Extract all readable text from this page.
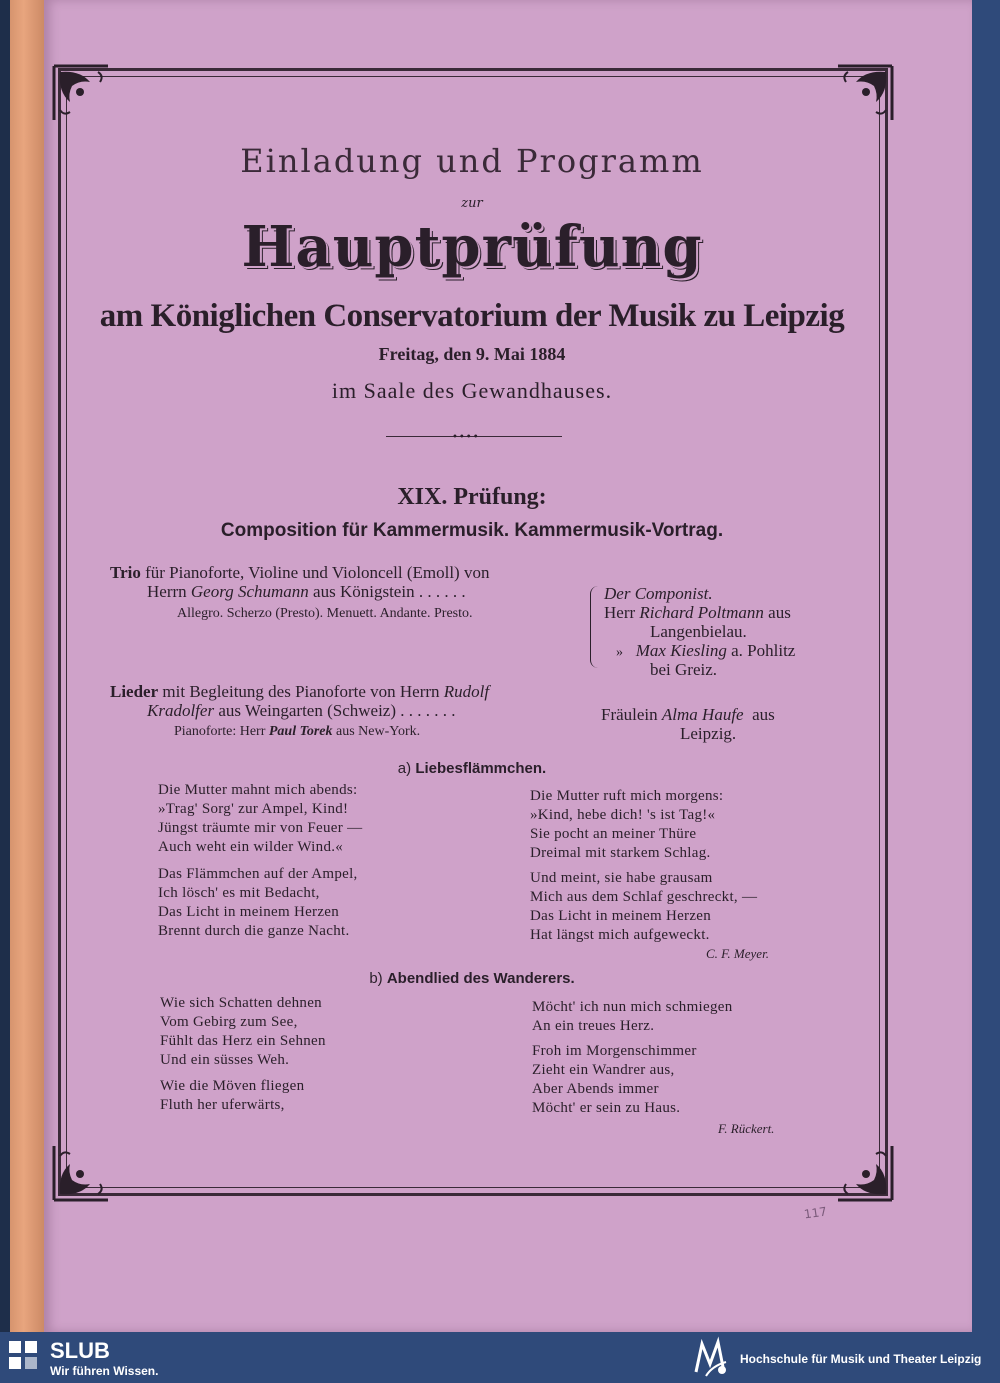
Einladung und Programm
zur
Hauptprüfung
am Königlichen Conservatorium der Musik zu Leipzig
Freitag, den 9. Mai 1884
im Saale des Gewandhauses.
••••
XIX. Prüfung:
Composition für Kammermusik. Kammermusik-Vortrag.
Trio für Pianoforte, Violine und Violoncell (Emoll) von
Herrn Georg Schumann aus Königstein . . . . . .
Allegro. Scherzo (Presto). Menuett. Andante. Presto.
Der Componist.
Herr Richard Poltmann aus
Langenbielau.
» Max Kiesling a. Pohlitz
bei Greiz.
Lieder mit Begleitung des Pianoforte von Herrn Rudolf
Kradolfer aus Weingarten (Schweiz) . . . . . . .
Pianoforte: Herr Paul Torek aus New-York.
Fräulein Alma Haufe aus
Leipzig.
a) Liebesflämmchen.
Die Mutter mahnt mich abends:
»Trag' Sorg' zur Ampel, Kind!
Jüngst träumte mir von Feuer —
Auch weht ein wilder Wind.«
Das Flämmchen auf der Ampel,
Ich lösch' es mit Bedacht,
Das Licht in meinem Herzen
Brennt durch die ganze Nacht.
Die Mutter ruft mich morgens:
»Kind, hebe dich! 's ist Tag!«
Sie pocht an meiner Thüre
Dreimal mit starkem Schlag.
Und meint, sie habe grausam
Mich aus dem Schlaf geschreckt, —
Das Licht in meinem Herzen
Hat längst mich aufgeweckt.
C. F. Meyer.
b) Abendlied des Wanderers.
Wie sich Schatten dehnen
Vom Gebirg zum See,
Fühlt das Herz ein Sehnen
Und ein süsses Weh.
Wie die Möven fliegen
Fluth her uferwärts,
Möcht' ich nun mich schmiegen
An ein treues Herz.
Froh im Morgenschimmer
Zieht ein Wandrer aus,
Aber Abends immer
Möcht' er sein zu Haus.
F. Rückert.
117
SLUB
Wir führen Wissen.
Hochschule für Musik und Theater Leipzig
